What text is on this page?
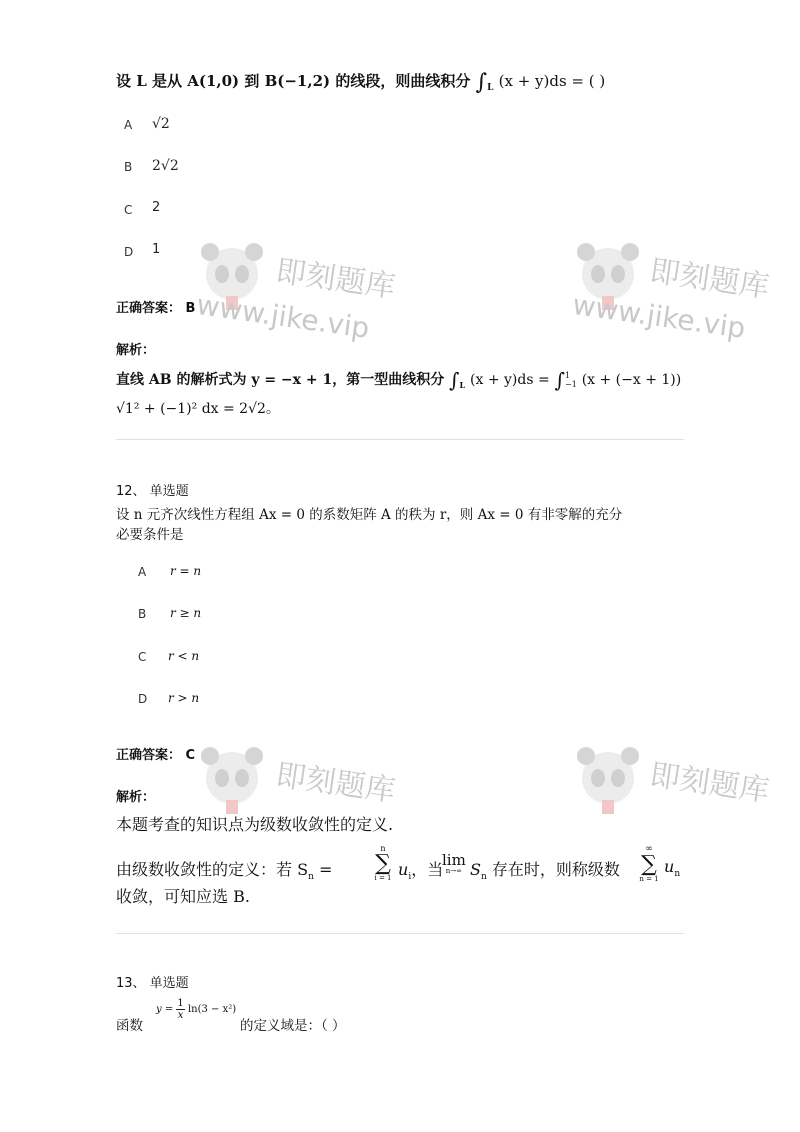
即刻题库
www.jike.vip
即刻题库
www.jike.vip
即刻题库	即刻题库
设 L 是从 A(1,0) 到 B(−1,2) 的线段，则曲线积分 $\int_L$ (x + y)ds = ( )
A √2
B 2√2
C 2
D 1
正确答案： B
解析：
直线 AB 的解析式为 y = −x + 1，第一型曲线积分 $\int_L$ (x + y)ds = ∫1
−1 (x + (−x + 1))
√1² + (−1)² dx = 2√2。
12、 单选题
设 n 元齐次线性方程组 Ax = 0 的系数矩阵 A 的秩为 r，则 Ax = 0 有非零解的充分
必要条件是
A r = n
B r ≥ n
C r < n
D r > n
正确答案： C
解析：
本题考查的知识点为级数收敛性的定义.
由级数收敛性的定义：若 $S_n$ =
n
∑
i = 1 $u_i$，当
lim
n→∞ $S_n$ 存在时，则称级数
∞
∑
n = 1
$u_n$
收敛，可知应选 B.
13、 单选题
函数
$y = \frac{1}{x} \ln(3 - x^2)$
的定义域是：（ ）
